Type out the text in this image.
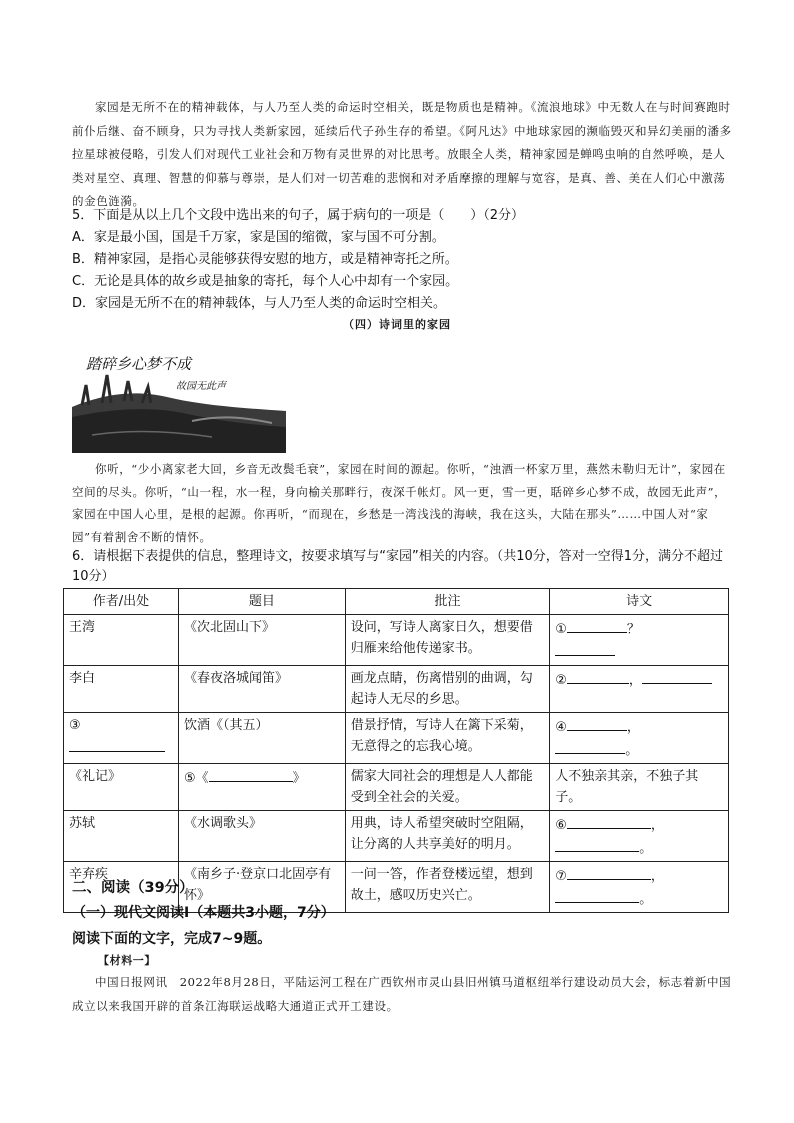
家园是无所不在的精神载体，与人乃至人类的命运时空相关，既是物质也是精神。《流浪地球》中无数人在与时间赛跑时前仆后继、奋不顾身，只为寻找人类新家园，延续后代子孙生存的希望。《阿凡达》中地球家园的濒临毁灭和异幻美丽的潘多拉星球被侵略，引发人们对现代工业社会和万物有灵世界的对比思考。放眼全人类，精神家园是蝉鸣虫响的自然呼唤，是人类对星空、真理、智慧的仰慕与尊崇，是人们对一切苦难的悲悯和对矛盾摩擦的理解与宽容，是真、善、美在人们心中激荡的金色涟漪。
5．下面是从以上几个文段中选出来的句子，属于病句的一项是（　　）（2分）
A．家是最小国，国是千万家，家是国的缩微，家与国不可分割。
B．精神家园，是指心灵能够获得安慰的地方，或是精神寄托之所。
C．无论是具体的故乡或是抽象的寄托，每个人心中却有一个家园。
D．家园是无所不在的精神载体，与人乃至人类的命运时空相关。
（四）诗词里的家园
踏碎乡心梦不成
故园无此声
你听，“少小离家老大回，乡音无改鬓毛衰”，家园在时间的源起。你听，“浊酒一杯家万里，燕然未勒归无计”，家园在空间的尽头。你听，“山一程，水一程，身向榆关那畔行，夜深千帐灯。风一更，雪一更，聒碎乡心梦不成，故园无此声”，家园在中国人心里，是根的起源。你再听，“而现在，乡愁是一湾浅浅的海峡，我在这头，大陆在那头”……中国人对“家园”有着割舍不断的情怀。
6．请根据下表提供的信息，整理诗文，按要求填写与“家园”相关的内容。（共10分，答对一空得1分，满分不超过10分）
作者/出处	题目	批注	诗文
王湾	《次北固山下》	设问，写诗人离家日久，想要借归雁来给他传递家书。	① ？

李白	《春夜洛城闻笛》	画龙点睛，伤离惜别的曲调，勾起诗人无尽的乡思。	② ，
③	饮酒《（其五）	借景抒情，写诗人在篱下采菊，无意得之的忘我心境。	④ ，
。
《礼记》	⑤《 》	儒家大同社会的理想是人人都能受到全社会的关爱。	人不独亲其亲，不独子其子。
苏轼	《水调歌头》	用典，诗人希望突破时空阻隔，让分离的人共享美好的明月。	⑥ ，
。
辛弃疾	《南乡子·登京口北固亭有怀》	一问一答，作者登楼远望，想到故土，感叹历史兴亡。	⑦ ，
。
二、阅读（39分）
（一）现代文阅读Ⅰ（本题共3小题，7分）
阅读下面的文字，完成7~9题。
【材料一】
中国日报网讯　2022年8月28日，平陆运河工程在广西钦州市灵山县旧州镇马道枢纽举行建设动员大会，标志着新中国成立以来我国开辟的首条江海联运战略大通道正式开工建设。
